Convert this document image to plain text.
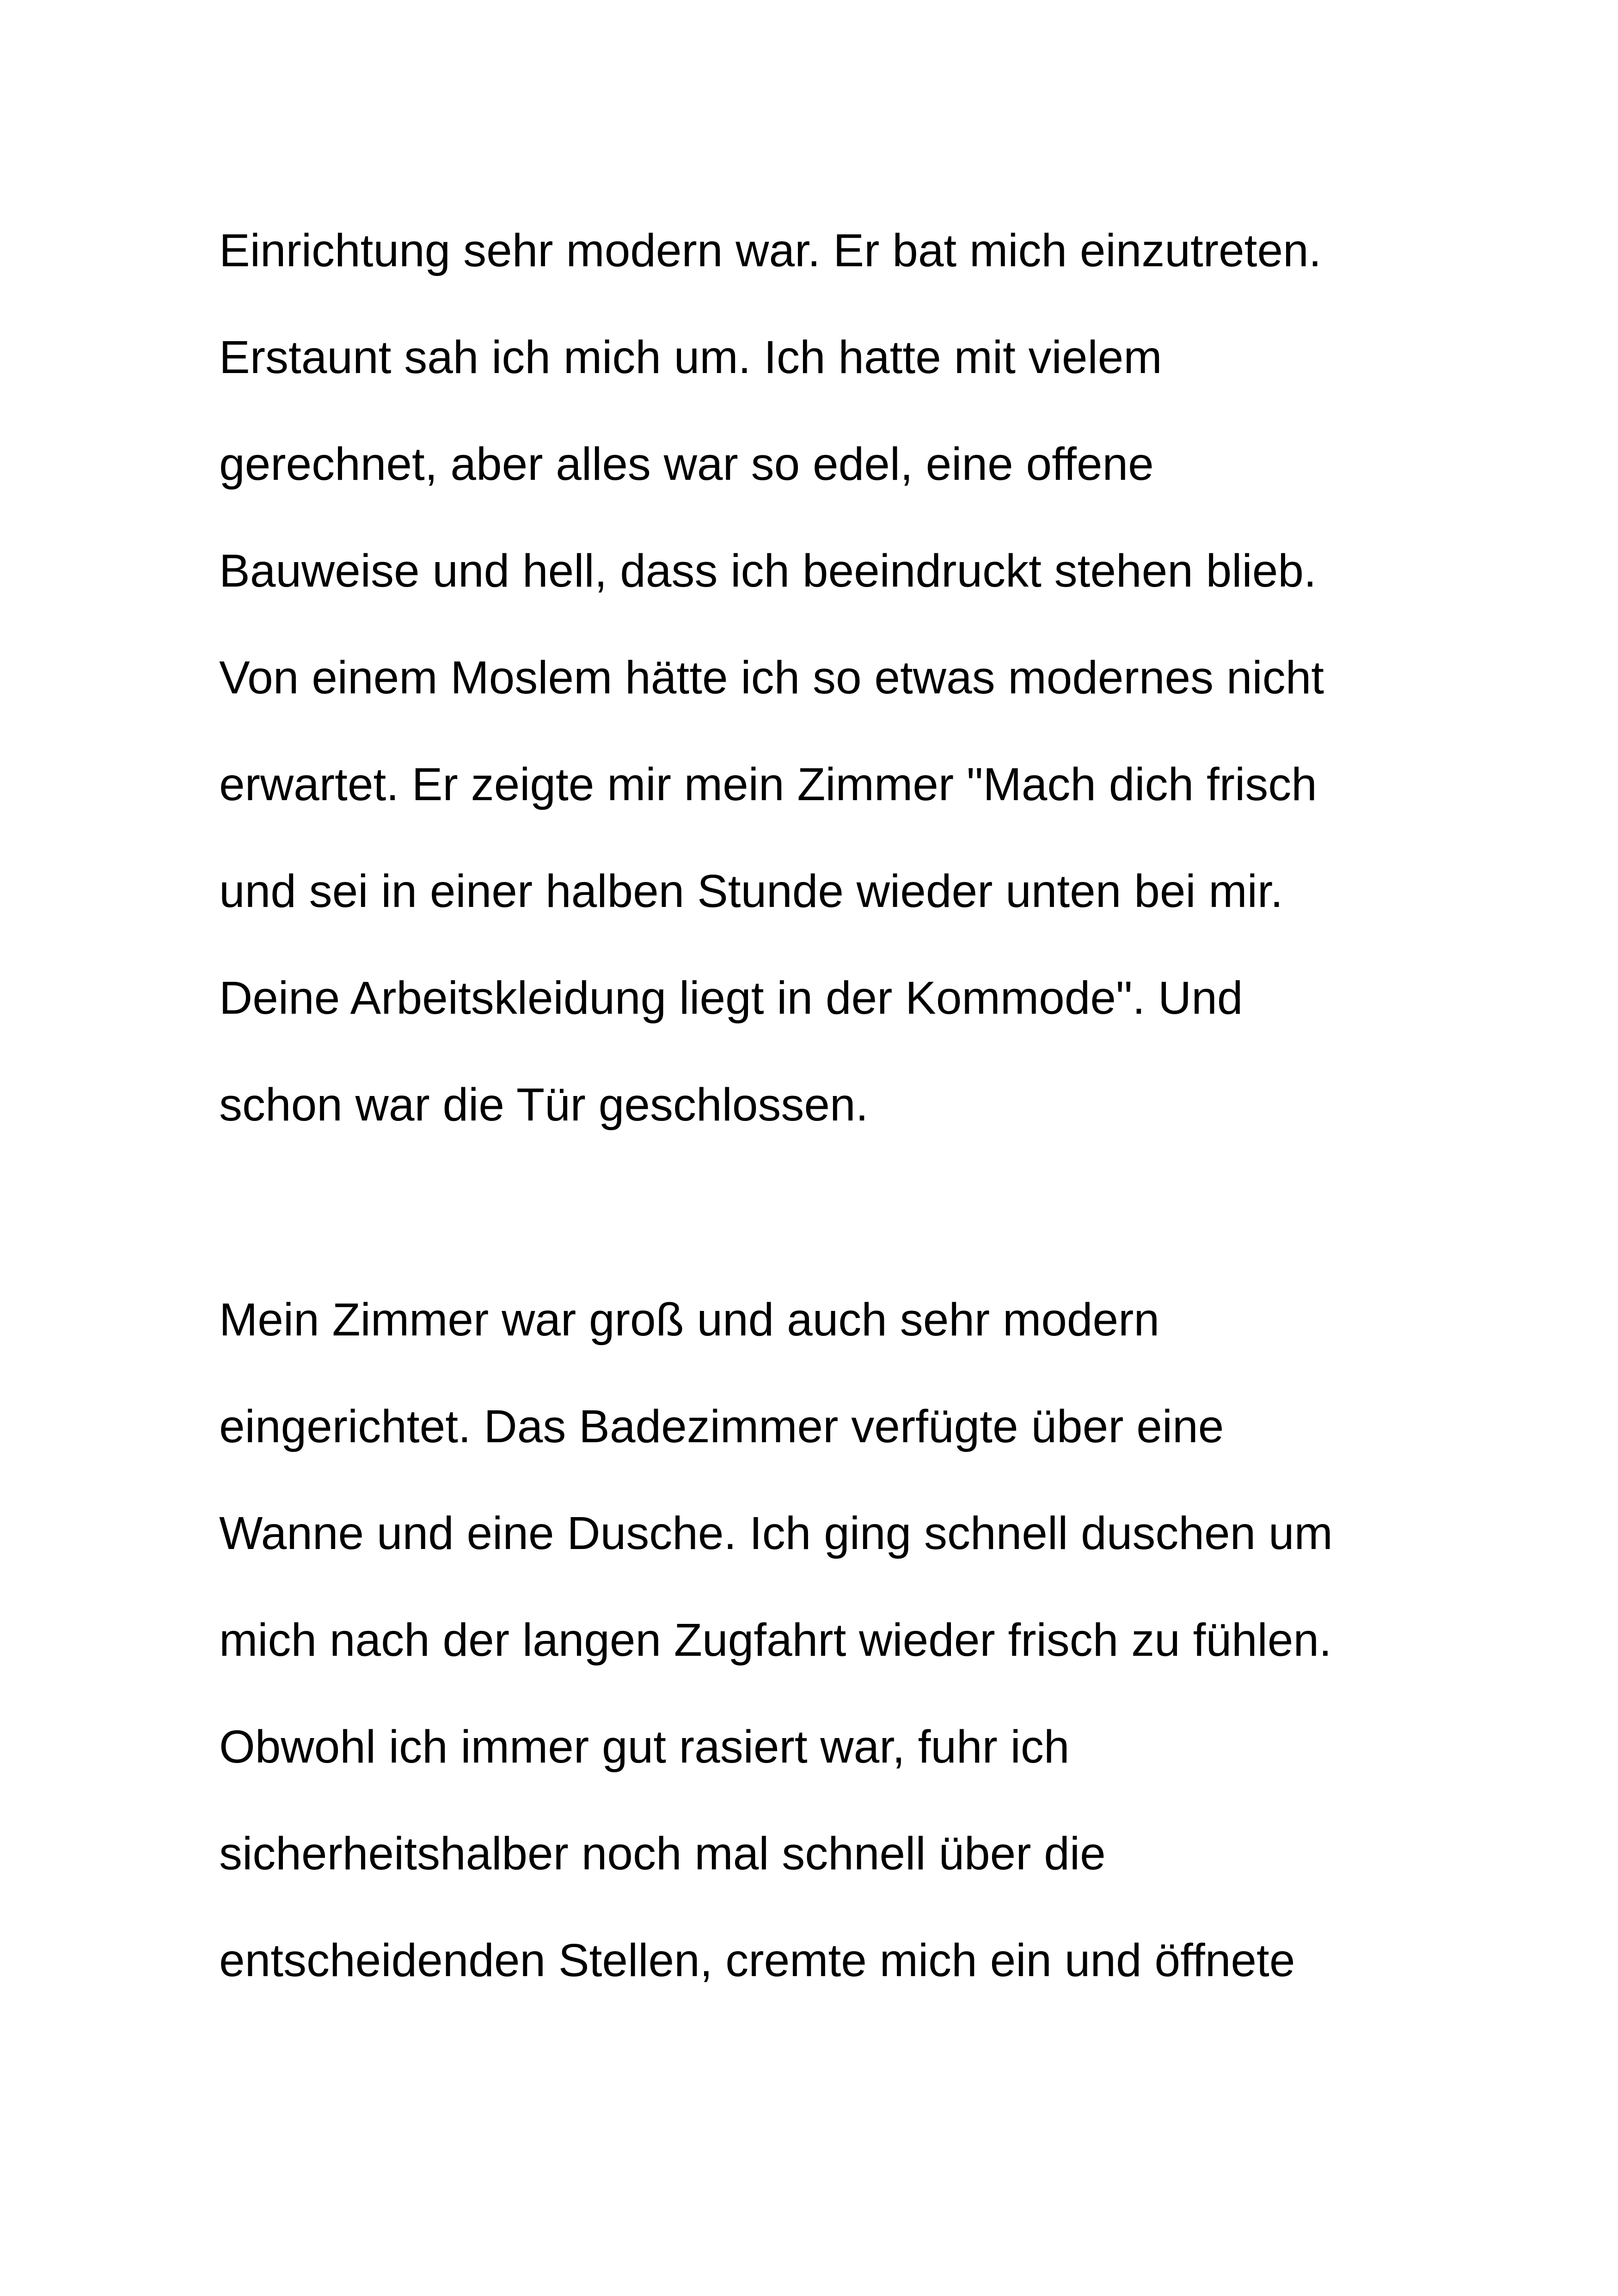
Einrichtung sehr modern war. Er bat mich einzutreten.
Erstaunt sah ich mich um. Ich hatte mit vielem
gerechnet, aber alles war so edel, eine offene
Bauweise und hell, dass ich beeindruckt stehen blieb.
Von einem Moslem hätte ich so etwas modernes nicht
erwartet. Er zeigte mir mein Zimmer "Mach dich frisch
und sei in einer halben Stunde wieder unten bei mir.
Deine Arbeitskleidung liegt in der Kommode". Und
schon war die Tür geschlossen.

Mein Zimmer war groß und auch sehr modern
eingerichtet. Das Badezimmer verfügte über eine
Wanne und eine Dusche. Ich ging schnell duschen um
mich nach der langen Zugfahrt wieder frisch zu fühlen.
Obwohl ich immer gut rasiert war, fuhr ich
sicherheitshalber noch mal schnell über die
entscheidenden Stellen, cremte mich ein und öffnete
